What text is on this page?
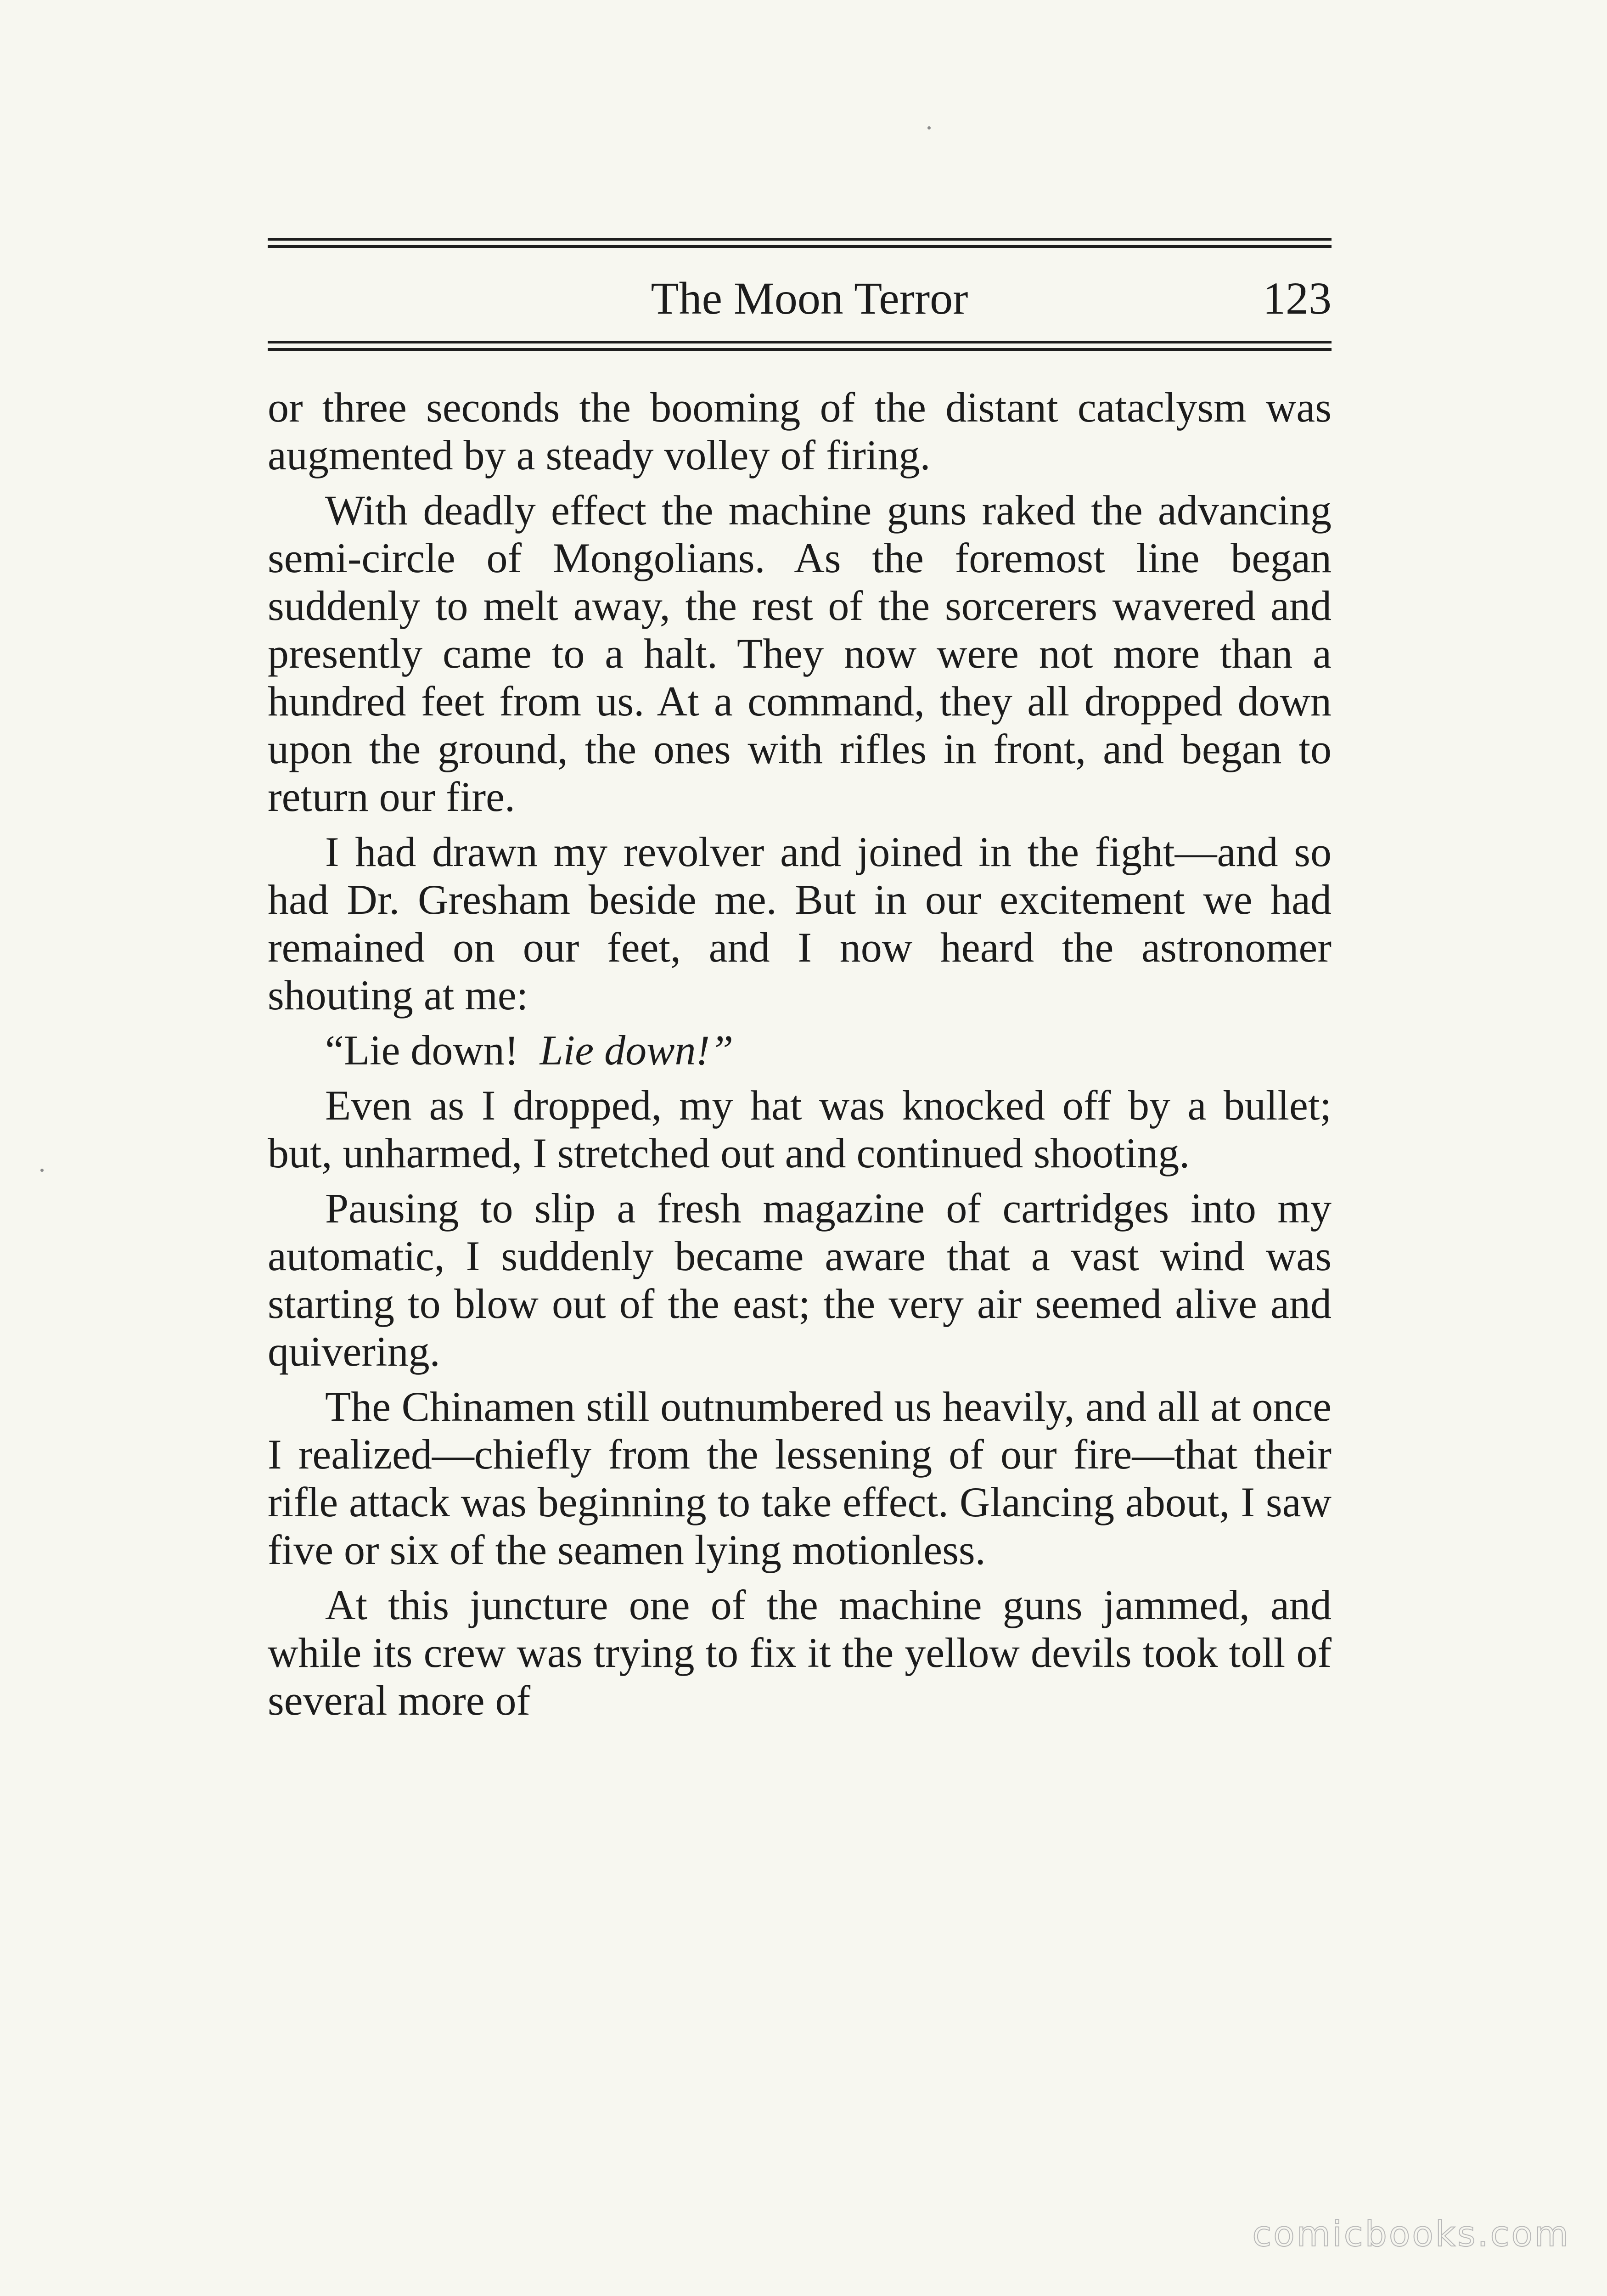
The Moon Terror	123

or three seconds the booming of the distant cataclysm was augmented by a steady volley of firing.

With deadly effect the machine guns raked the advancing semi-circle of Mongolians. As the foremost line began suddenly to melt away, the rest of the sorcerers wavered and presently came to a halt. They now were not more than a hundred feet from us. At a command, they all dropped down upon the ground, the ones with rifles in front, and began to return our fire.

I had drawn my revolver and joined in the fight—and so had Dr. Gresham beside me. But in our excitement we had remained on our feet, and I now heard the astronomer shouting at me:

“Lie down! Lie down!”

Even as I dropped, my hat was knocked off by a bullet; but, unharmed, I stretched out and continued shooting.

Pausing to slip a fresh magazine of cartridges into my automatic, I suddenly became aware that a vast wind was starting to blow out of the east; the very air seemed alive and quivering.

The Chinamen still outnumbered us heavily, and all at once I realized—chiefly from the lessening of our fire—that their rifle attack was beginning to take effect. Glancing about, I saw five or six of the seamen lying motionless.

At this juncture one of the machine guns jammed, and while its crew was trying to fix it the yellow devils took toll of several more of

comicbooks.com
